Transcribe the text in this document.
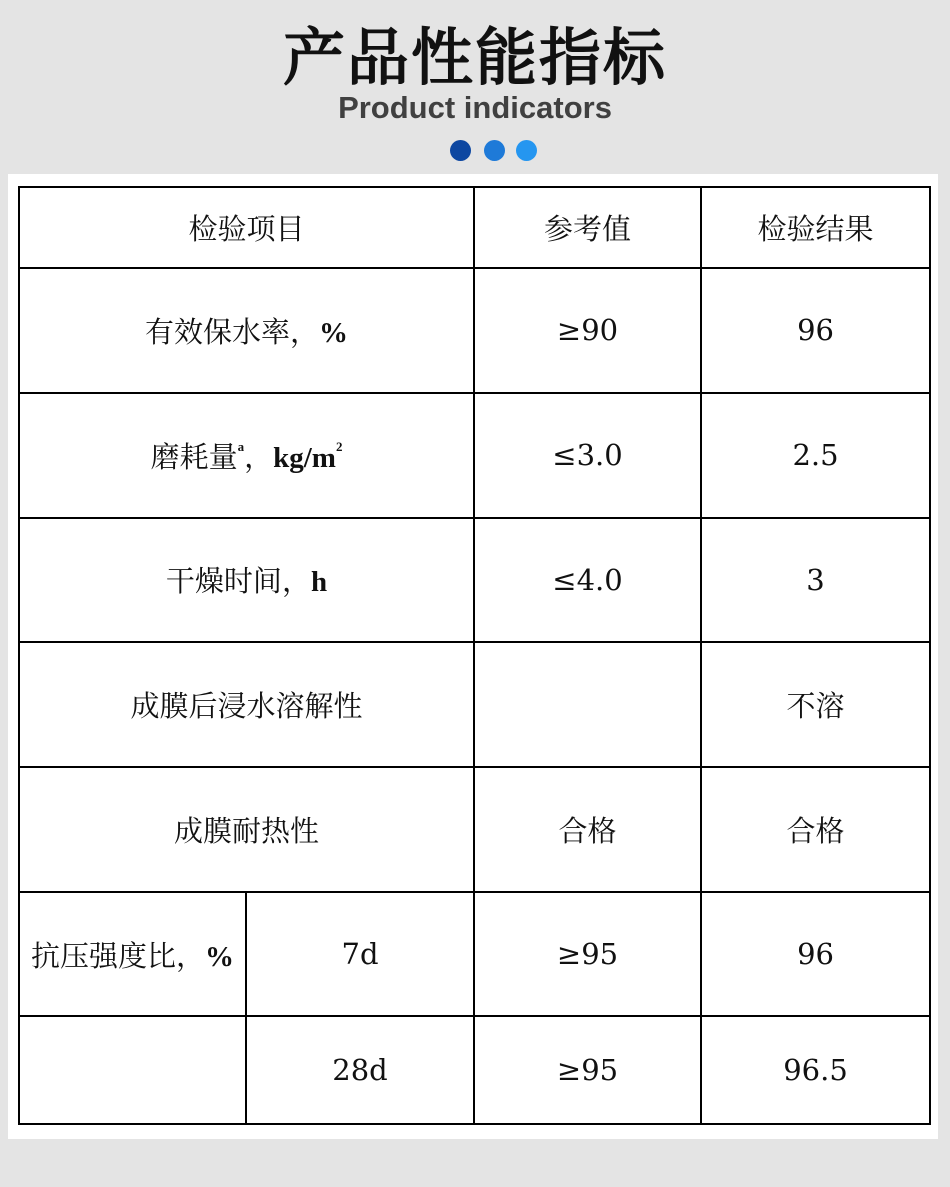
产品性能指标
Product indicators
检验项目		参考值	检验结果
有效保水率，%		≥90	96
磨耗量$^a$，$kg/m^2$		≤3.0	2.5
干燥时间，h		≤4.0	3
成膜后浸水溶解性			不溶
成膜耐热性		合格	合格
抗压强度比，%	7d	≥95	96
	28d	≥95	96.5
